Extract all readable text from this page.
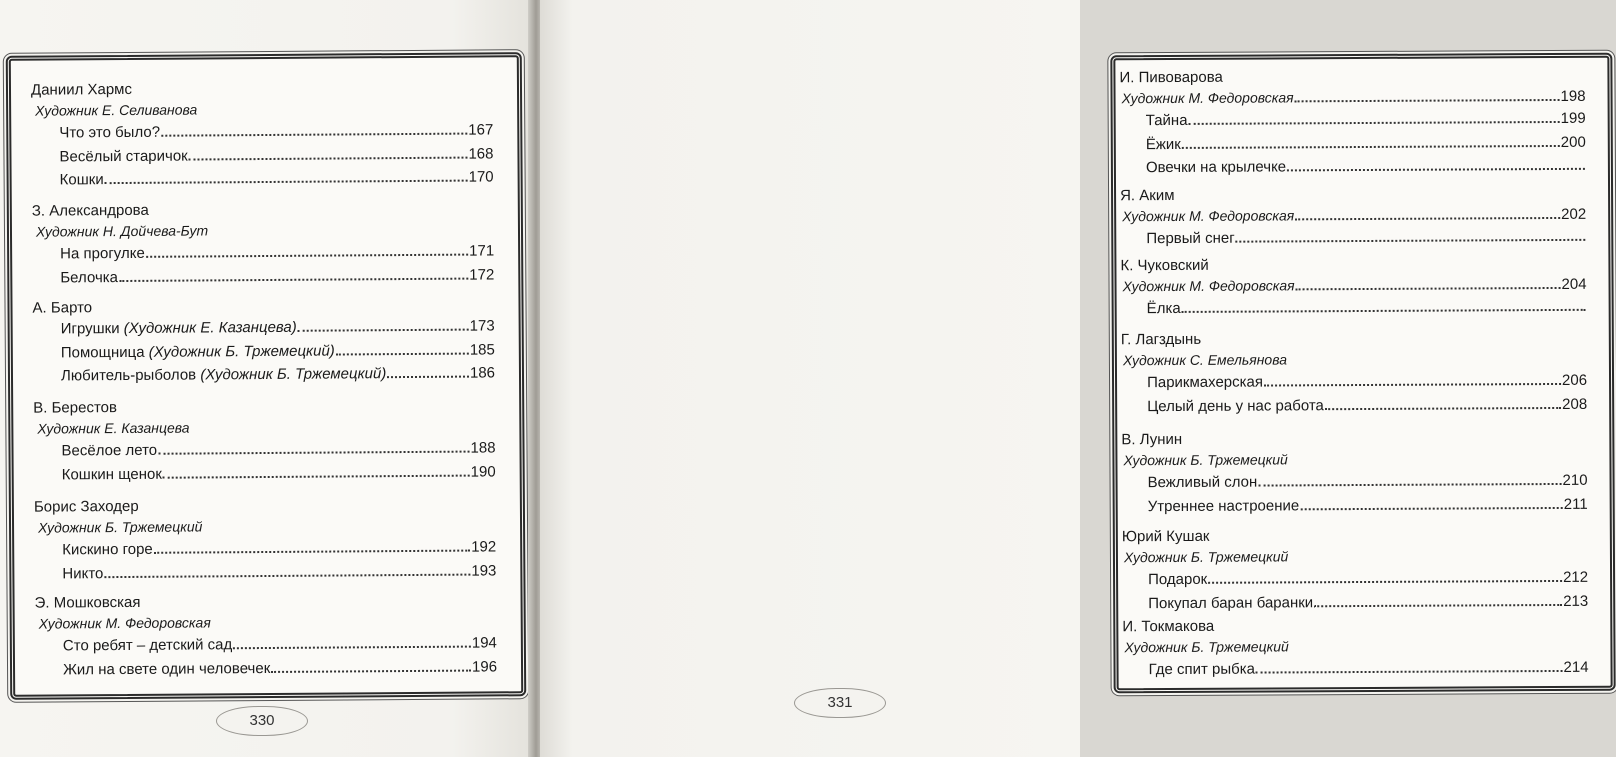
Даниил Хармс
Художник Е. Селиванова
Что это было?	167
Весёлый старичок	168
Кошки	170
З. Александрова
Художник Н. Дойчева-Бут
На прогулке	171
Белочка	172
А. Барто
Игрушки
(Художник Е. Казанцева)	173
Помощница
(Художник Б. Тржемецкий)	185
Любитель-рыболов
(Художник Б. Тржемецкий)	186
В. Берестов
Художник Е. Казанцева
Весёлое лето	188
Кошкин щенок	190
Борис Заходер
Художник Б. Тржемецкий
Кискино горе	192
Никто	193
Э. Мошковская
Художник М. Федоровская
Сто ребят – детский сад	194
Жил на свете один человечек	196
330
И. Пивоварова
Художник М. Федоровская	198
Тайна	199
Ёжик	200
Овечки на крылечке
Я. Аким
Художник М. Федоровская	202
Первый снег
К. Чуковский
Художник М. Федоровская	204
Ёлка
Г. Лагздынь
Художник С. Емельянова
Парикмахерская	206
Целый день у нас работа	208
В. Лунин
Художник Б. Тржемецкий
Вежливый слон	210
Утреннее настроение	211
Юрий Кушак
Художник Б. Тржемецкий
Подарок	212
Покупал баран баранки	213
И. Токмакова
Художник Б. Тржемецкий
Где спит рыбка	214
331
